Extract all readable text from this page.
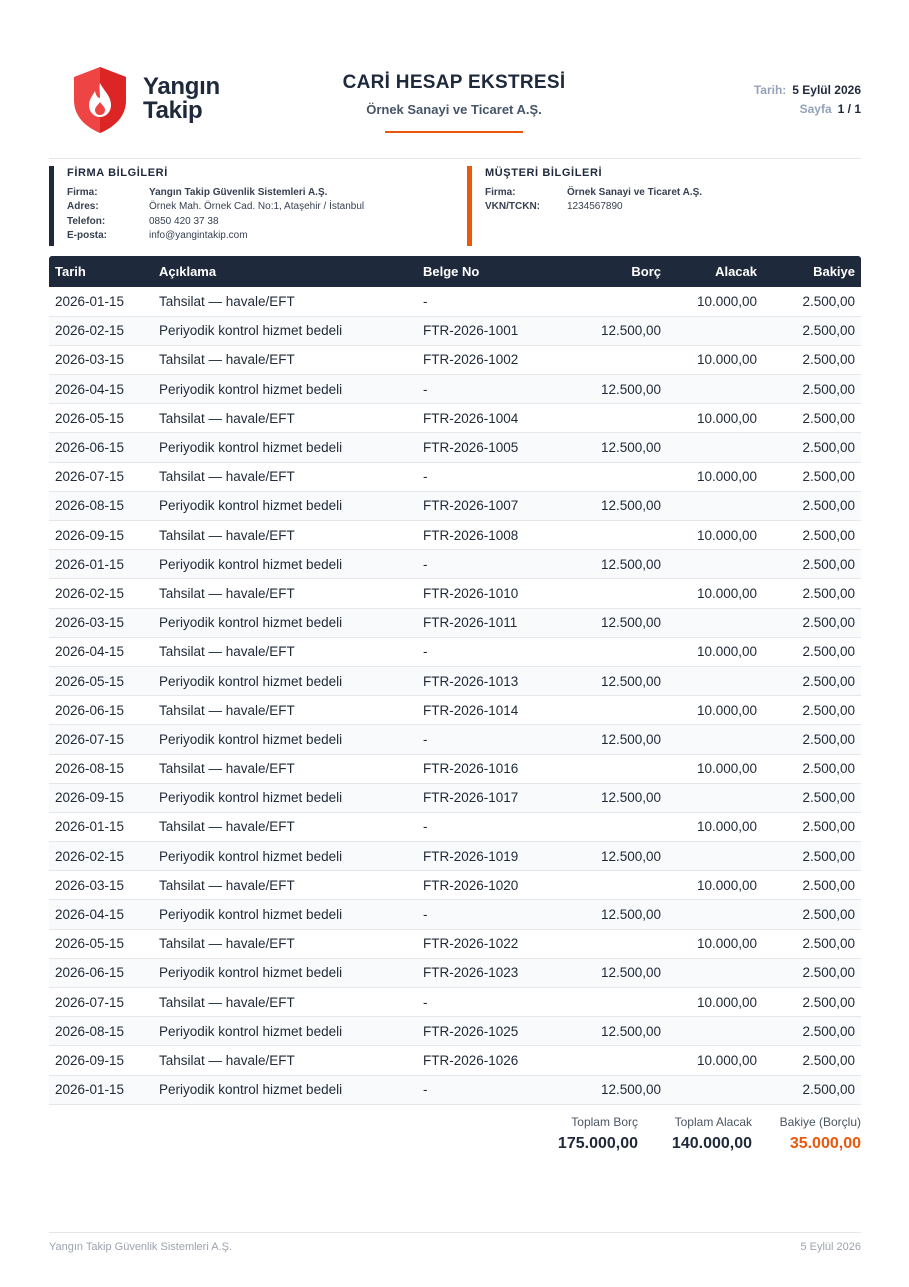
Yangın
Takip
CARİ HESAP EKSTRESİ
Örnek Sanayi ve Ticaret A.Ş.
Tarih: 5 Eylül 2026
Sayfa 1 / 1
FİRMA BİLGİLERİ
Firma:	Yangın Takip Güvenlik Sistemleri A.Ş.
Adres:	Örnek Mah. Örnek Cad. No:1, Ataşehir / İstanbul
Telefon:	0850 420 37 38
E-posta:	info@yangintakip.com
MÜŞTERİ BİLGİLERİ
Firma:	Örnek Sanayi ve Ticaret A.Ş.
VKN/TCKN:	1234567890
Tarih	Açıklama	Belge No	Borç	Alacak	Bakiye
2026-01-15	Tahsilat — havale/EFT	-		10.000,00	2.500,00
2026-02-15	Periyodik kontrol hizmet bedeli	FTR-2026-1001	12.500,00		2.500,00
2026-03-15	Tahsilat — havale/EFT	FTR-2026-1002		10.000,00	2.500,00
2026-04-15	Periyodik kontrol hizmet bedeli	-	12.500,00		2.500,00
2026-05-15	Tahsilat — havale/EFT	FTR-2026-1004		10.000,00	2.500,00
2026-06-15	Periyodik kontrol hizmet bedeli	FTR-2026-1005	12.500,00		2.500,00
2026-07-15	Tahsilat — havale/EFT	-		10.000,00	2.500,00
2026-08-15	Periyodik kontrol hizmet bedeli	FTR-2026-1007	12.500,00		2.500,00
2026-09-15	Tahsilat — havale/EFT	FTR-2026-1008		10.000,00	2.500,00
2026-01-15	Periyodik kontrol hizmet bedeli	-	12.500,00		2.500,00
2026-02-15	Tahsilat — havale/EFT	FTR-2026-1010		10.000,00	2.500,00
2026-03-15	Periyodik kontrol hizmet bedeli	FTR-2026-1011	12.500,00		2.500,00
2026-04-15	Tahsilat — havale/EFT	-		10.000,00	2.500,00
2026-05-15	Periyodik kontrol hizmet bedeli	FTR-2026-1013	12.500,00		2.500,00
2026-06-15	Tahsilat — havale/EFT	FTR-2026-1014		10.000,00	2.500,00
2026-07-15	Periyodik kontrol hizmet bedeli	-	12.500,00		2.500,00
2026-08-15	Tahsilat — havale/EFT	FTR-2026-1016		10.000,00	2.500,00
2026-09-15	Periyodik kontrol hizmet bedeli	FTR-2026-1017	12.500,00		2.500,00
2026-01-15	Tahsilat — havale/EFT	-		10.000,00	2.500,00
2026-02-15	Periyodik kontrol hizmet bedeli	FTR-2026-1019	12.500,00		2.500,00
2026-03-15	Tahsilat — havale/EFT	FTR-2026-1020		10.000,00	2.500,00
2026-04-15	Periyodik kontrol hizmet bedeli	-	12.500,00		2.500,00
2026-05-15	Tahsilat — havale/EFT	FTR-2026-1022		10.000,00	2.500,00
2026-06-15	Periyodik kontrol hizmet bedeli	FTR-2026-1023	12.500,00		2.500,00
2026-07-15	Tahsilat — havale/EFT	-		10.000,00	2.500,00
2026-08-15	Periyodik kontrol hizmet bedeli	FTR-2026-1025	12.500,00		2.500,00
2026-09-15	Tahsilat — havale/EFT	FTR-2026-1026		10.000,00	2.500,00
2026-01-15	Periyodik kontrol hizmet bedeli	-	12.500,00		2.500,00
Toplam Borç
175.000,00
Toplam Alacak
140.000,00
Bakiye (Borçlu)
35.000,00
Yangın Takip Güvenlik Sistemleri A.Ş.	5 Eylül 2026
